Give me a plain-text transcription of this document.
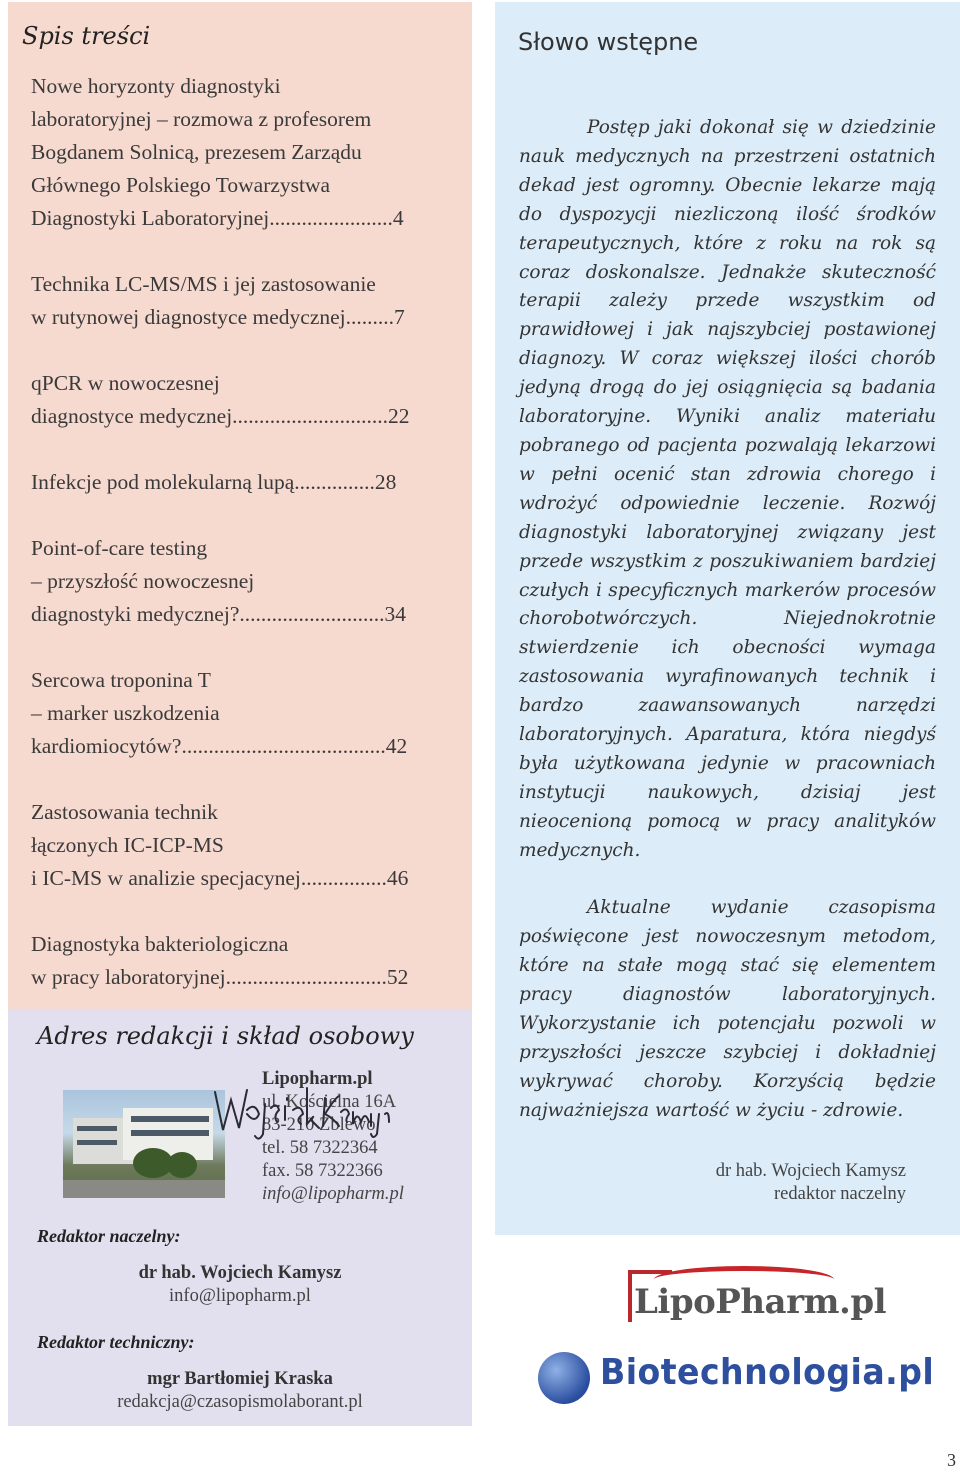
Spis treści
Nowe horyzonty diagnostyki
laboratoryjnej – rozmowa z profesorem
Bogdanem Solnicą, prezesem Zarządu
Głównego Polskiego Towarzystwa
Diagnostyki Laboratoryjnej.......................4
Technika LC-MS/MS i jej zastosowanie
w rutynowej diagnostyce medycznej.........7
qPCR w nowoczesnej
diagnostyce medycznej.............................22
Infekcje pod molekularną lupą...............28
Point-of-care testing
– przyszłość nowoczesnej
diagnostyki medycznej?...........................34
Sercowa troponina T
– marker uszkodzenia
kardiomiocytów?......................................42
Zastosowania technik
łączonych IC-ICP-MS
i IC-MS w analizie specjacynej................46
Diagnostyka bakteriologiczna
w pracy laboratoryjnej..............................52
Adres redakcji i skład osobowy
Lipopharm.pl
ul. Kościelna 16A
83-210 Zblewo
tel. 58 7322364
fax. 58 7322366
info@lipopharm.pl
Redaktor naczelny:
dr hab. Wojciech Kamysz
info@lipopharm.pl
Redaktor techniczny:
mgr Bartłomiej Kraska
redakcja@czasopismolaborant.pl
Słowo wstępne

Postęp jaki dokonał się w dziedzinie nauk medycznych na przestrzeni ostatnich dekad jest ogromny. Obecnie lekarze mają do dyspozycji niezliczoną ilość środków terapeutycznych, które z roku na rok są coraz doskonalsze. Jednakże skuteczność terapii zależy przede wszystkim od prawidłowej i jak najszybciej postawionej diagnozy. W coraz większej ilości chorób jedyną drogą do jej osiągnięcia są badania laboratoryjne. Wyniki analiz materiału pobranego od pacjenta pozwalają lekarzowi w pełni ocenić stan zdrowia chorego i wdrożyć odpowiednie leczenie. Rozwój diagnostyki laboratoryjnej związany jest przede wszystkim z poszukiwaniem bardziej czułych i specyficznych markerów procesów chorobotwórczych. Niejednokrotnie stwierdzenie ich obecności wymaga zastosowania wyrafinowanych technik i bardzo zaawansowanych narzędzi laboratoryjnych. Aparatura, która niegdyś była użytkowana jedynie w pracowniach instytucji naukowych, dzisiaj jest nieocenioną pomocą w pracy analityków medycznych.

Aktualne wydanie czasopisma poświęcone jest nowoczesnym metodom, które na stałe mogą stać się elementem pracy diagnostów laboratoryjnych. Wykorzystanie ich potencjału pozwoli w przyszłości jeszcze szybciej i dokładniej wykrywać choroby. Korzyścią będzie najważniejsza wartość w życiu - zdrowie.

dr hab. Wojciech Kamysz
redaktor naczelny
LipoPharm.pl
Biotechnologia.pl
3
